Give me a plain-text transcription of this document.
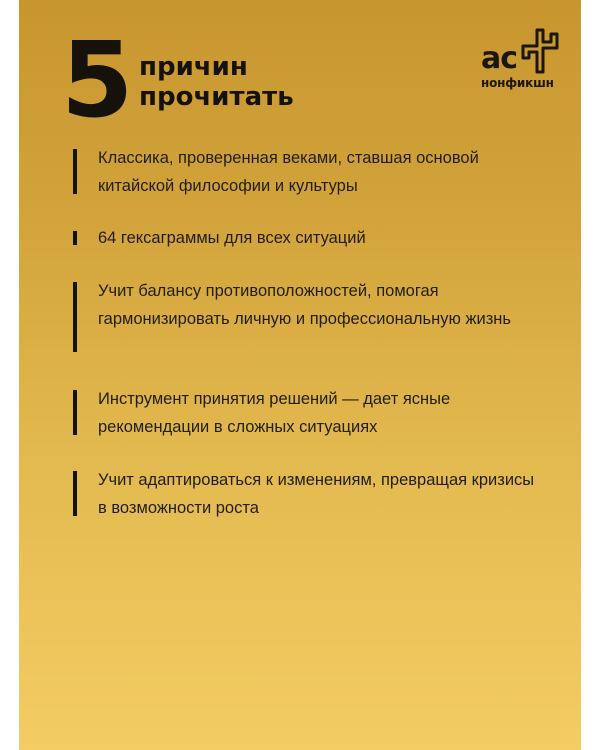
5 причин
прочитать
ас
нонфикшн

Классика, проверенная веками, ставшая основой китайской философии и культуры

64 гексаграммы для всех ситуаций

Учит балансу противоположностей, помогая гармонизировать личную и профессиональную жизнь

Инструмент принятия решений — дает ясные рекомендации в сложных ситуациях

Учит адаптироваться к изменениям, превращая кризисы в возможности роста
